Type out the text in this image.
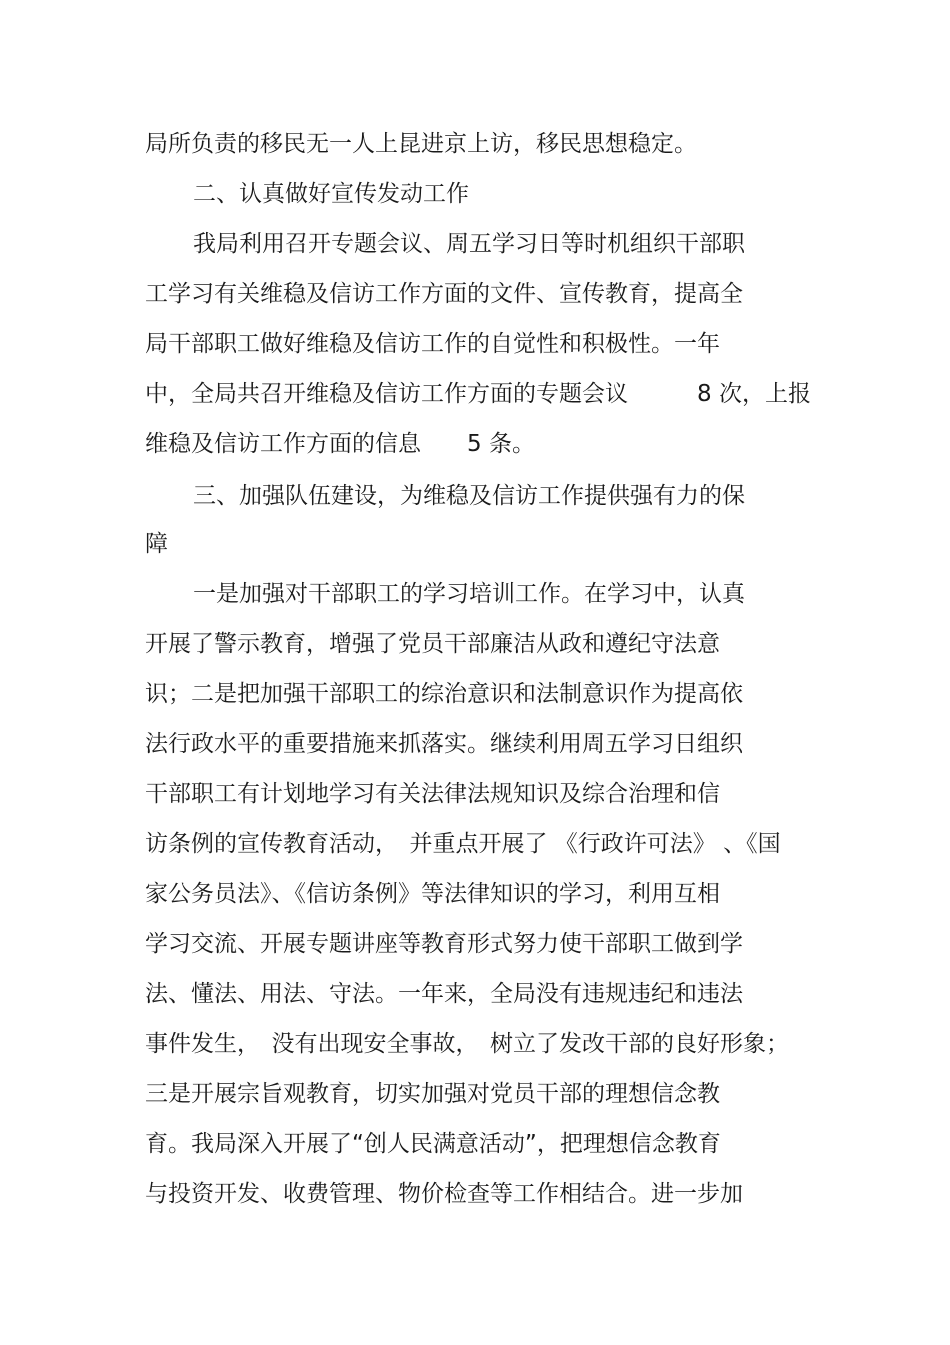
局所负责的移民无一人上昆进京上访，移民思想稳定。
二、认真做好宣传发动工作
我局利用召开专题会议、周五学习日等时机组织干部职
工学习有关维稳及信访工作方面的文件、宣传教育，提高全
局干部职工做好维稳及信访工作的自觉性和积极性。一年
中，全局共召开维稳及信访工作方面的专题会议　　　8 次，上报
维稳及信访工作方面的信息　　5 条。
三、加强队伍建设，为维稳及信访工作提供强有力的保
障
一是加强对干部职工的学习培训工作。在学习中，认真
开展了警示教育，增强了党员干部廉洁从政和遵纪守法意
识；二是把加强干部职工的综治意识和法制意识作为提高依
法行政水平的重要措施来抓落实。继续利用周五学习日组织
干部职工有计划地学习有关法律法规知识及综合治理和信
访条例的宣传教育活动，　并重点开展了 《行政许可法》 、《国
家公务员法》、《信访条例》等法律知识的学习，利用互相
学习交流、开展专题讲座等教育形式努力使干部职工做到学
法、懂法、用法、守法。一年来，全局没有违规违纪和违法
事件发生，　没有出现安全事故，　树立了发改干部的良好形象；
三是开展宗旨观教育，切实加强对党员干部的理想信念教
育。我局深入开展了“创人民满意活动”，把理想信念教育
与投资开发、收费管理、物价检查等工作相结合。进一步加
